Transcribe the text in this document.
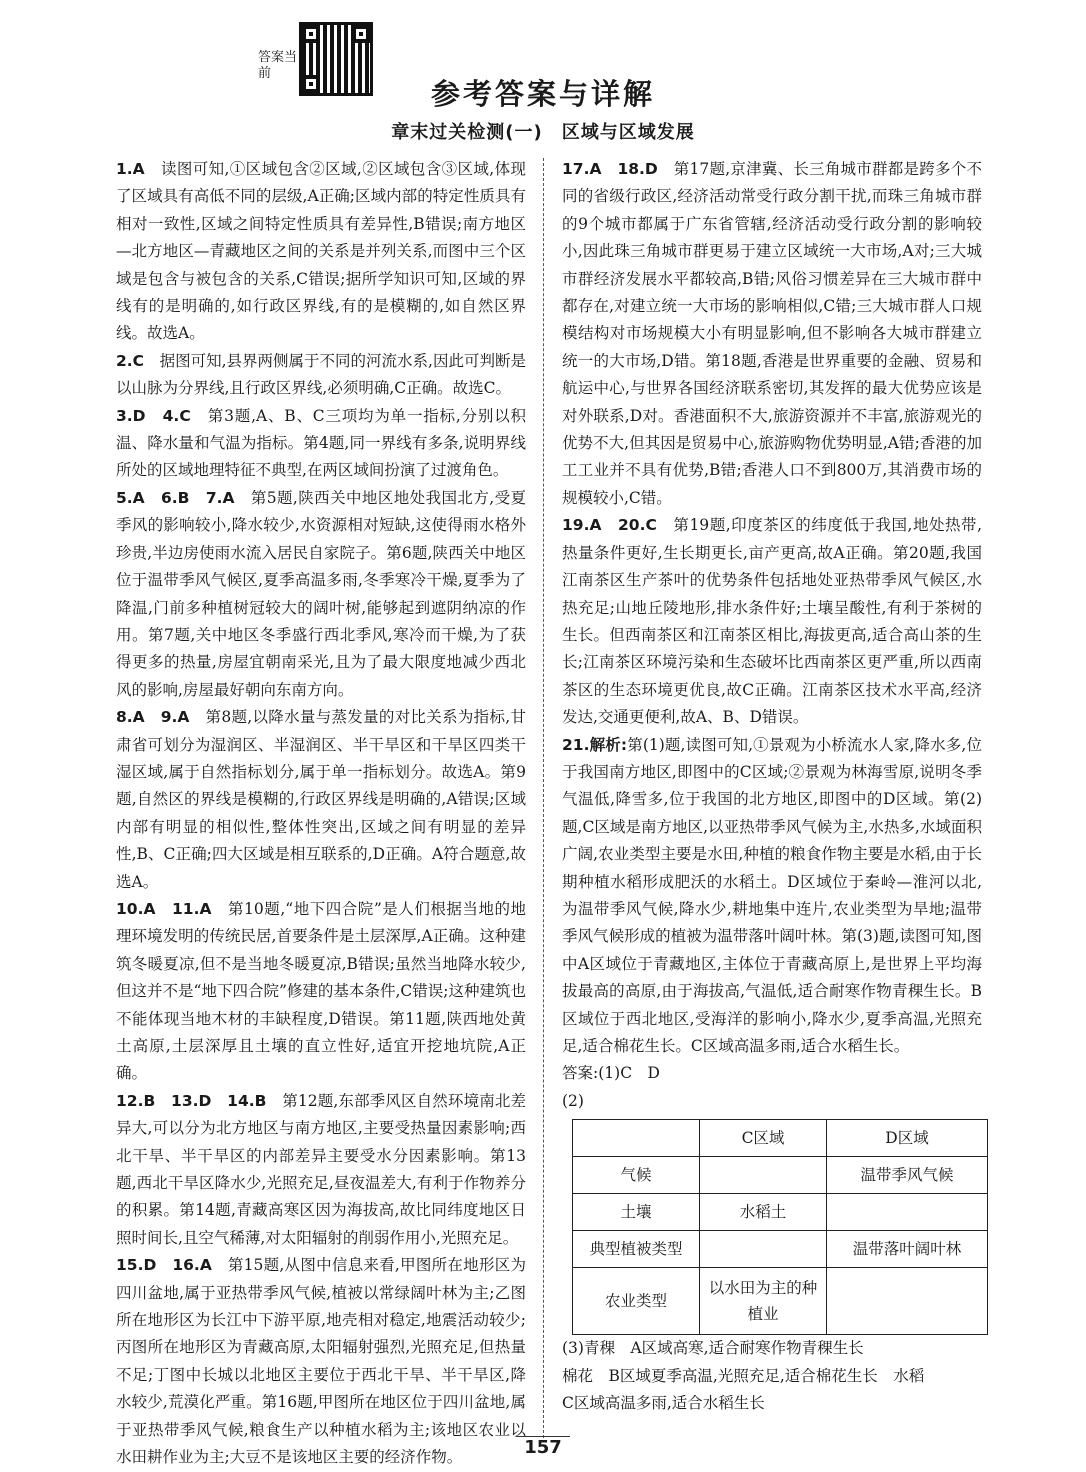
答案当前
参考答案与详解
章末过关检测(一)　区域与区域发展

1.A　读图可知,①区域包含②区域,②区域包含③区域,体现了区域具有高低不同的层级,A正确;区域内部的特定性质具有相对一致性,区域之间特定性质具有差异性,B错误;南方地区—北方地区—青藏地区之间的关系是并列关系,而图中三个区域是包含与被包含的关系,C错误;据所学知识可知,区域的界线有的是明确的,如行政区界线,有的是模糊的,如自然区界线。故选A。

2.C　据图可知,县界两侧属于不同的河流水系,因此可判断是以山脉为分界线,且行政区界线,必须明确,C正确。故选C。

3.D　4.C　第3题,A、B、C三项均为单一指标,分别以积温、降水量和气温为指标。第4题,同一界线有多条,说明界线所处的区域地理特征不典型,在两区域间扮演了过渡角色。

5.A　6.B　7.A　第5题,陕西关中地区地处我国北方,受夏季风的影响较小,降水较少,水资源相对短缺,这使得雨水格外珍贵,半边房使雨水流入居民自家院子。第6题,陕西关中地区位于温带季风气候区,夏季高温多雨,冬季寒冷干燥,夏季为了降温,门前多种植树冠较大的阔叶树,能够起到遮阴纳凉的作用。第7题,关中地区冬季盛行西北季风,寒冷而干燥,为了获得更多的热量,房屋宜朝南采光,且为了最大限度地减少西北风的影响,房屋最好朝向东南方向。

8.A　9.A　第8题,以降水量与蒸发量的对比关系为指标,甘肃省可划分为湿润区、半湿润区、半干旱区和干旱区四类干湿区域,属于自然指标划分,属于单一指标划分。故选A。第9题,自然区的界线是模糊的,行政区界线是明确的,A错误;区域内部有明显的相似性,整体性突出,区域之间有明显的差异性,B、C正确;四大区域是相互联系的,D正确。A符合题意,故选A。

10.A　11.A　第10题,“地下四合院”是人们根据当地的地理环境发明的传统民居,首要条件是土层深厚,A正确。这种建筑冬暖夏凉,但不是当地冬暖夏凉,B错误;虽然当地降水较少,但这并不是“地下四合院”修建的基本条件,C错误;这种建筑也不能体现当地木材的丰缺程度,D错误。第11题,陕西地处黄土高原,土层深厚且土壤的直立性好,适宜开挖地坑院,A正确。

12.B　13.D　14.B　第12题,东部季风区自然环境南北差异大,可以分为北方地区与南方地区,主要受热量因素影响;西北干旱、半干旱区的内部差异主要受水分因素影响。第13题,西北干旱区降水少,光照充足,昼夜温差大,有利于作物养分的积累。第14题,青藏高寒区因为海拔高,故比同纬度地区日照时间长,且空气稀薄,对太阳辐射的削弱作用小,光照充足。

15.D　16.A　第15题,从图中信息来看,甲图所在地形区为四川盆地,属于亚热带季风气候,植被以常绿阔叶林为主;乙图所在地形区为长江中下游平原,地壳相对稳定,地震活动较少;丙图所在地形区为青藏高原,太阳辐射强烈,光照充足,但热量不足;丁图中长城以北地区主要位于西北干旱、半干旱区,降水较少,荒漠化严重。第16题,甲图所在地区位于四川盆地,属于亚热带季风气候,粮食生产以种植水稻为主;该地区农业以水田耕作业为主;大豆不是该地区主要的经济作物。

17.A　18.D　第17题,京津冀、长三角城市群都是跨多个不同的省级行政区,经济活动常受行政分割干扰,而珠三角城市群的9个城市都属于广东省管辖,经济活动受行政分割的影响较小,因此珠三角城市群更易于建立区域统一大市场,A对;三大城市群经济发展水平都较高,B错;风俗习惯差异在三大城市群中都存在,对建立统一大市场的影响相似,C错;三大城市群人口规模结构对市场规模大小有明显影响,但不影响各大城市群建立统一的大市场,D错。第18题,香港是世界重要的金融、贸易和航运中心,与世界各国经济联系密切,其发挥的最大优势应该是对外联系,D对。香港面积不大,旅游资源并不丰富,旅游观光的优势不大,但其因是贸易中心,旅游购物优势明显,A错;香港的加工工业并不具有优势,B错;香港人口不到800万,其消费市场的规模较小,C错。

19.A　20.C　第19题,印度茶区的纬度低于我国,地处热带,热量条件更好,生长期更长,亩产更高,故A正确。第20题,我国江南茶区生产茶叶的优势条件包括地处亚热带季风气候区,水热充足;山地丘陵地形,排水条件好;土壤呈酸性,有利于茶树的生长。但西南茶区和江南茶区相比,海拔更高,适合高山茶的生长;江南茶区环境污染和生态破坏比西南茶区更严重,所以西南茶区的生态环境更优良,故C正确。江南茶区技术水平高,经济发达,交通更便利,故A、B、D错误。

21.解析:第(1)题,读图可知,①景观为小桥流水人家,降水多,位于我国南方地区,即图中的C区域;②景观为林海雪原,说明冬季气温低,降雪多,位于我国的北方地区,即图中的D区域。第(2)题,C区域是南方地区,以亚热带季风气候为主,水热多,水域面积广阔,农业类型主要是水田,种植的粮食作物主要是水稻,由于长期种植水稻形成肥沃的水稻土。D区域位于秦岭—淮河以北,为温带季风气候,降水少,耕地集中连片,农业类型为旱地;温带季风气候形成的植被为温带落叶阔叶林。第(3)题,读图可知,图中A区域位于青藏地区,主体位于青藏高原上,是世界上平均海拔最高的高原,由于海拔高,气温低,适合耐寒作物青稞生长。B区域位于西北地区,受海洋的影响小,降水少,夏季高温,光照充足,适合棉花生长。C区域高温多雨,适合水稻生长。

答案:(1)C　D

(2)

	C区域	D区域
气候		温带季风气候
土壤	水稻土	
典型植被类型		温带落叶阔叶林
农业类型	以水田为主的种植业	

(3)青稞　A区域高寒,适合耐寒作物青稞生长

棉花　B区域夏季高温,光照充足,适合棉花生长　水稻

C区域高温多雨,适合水稻生长

157
